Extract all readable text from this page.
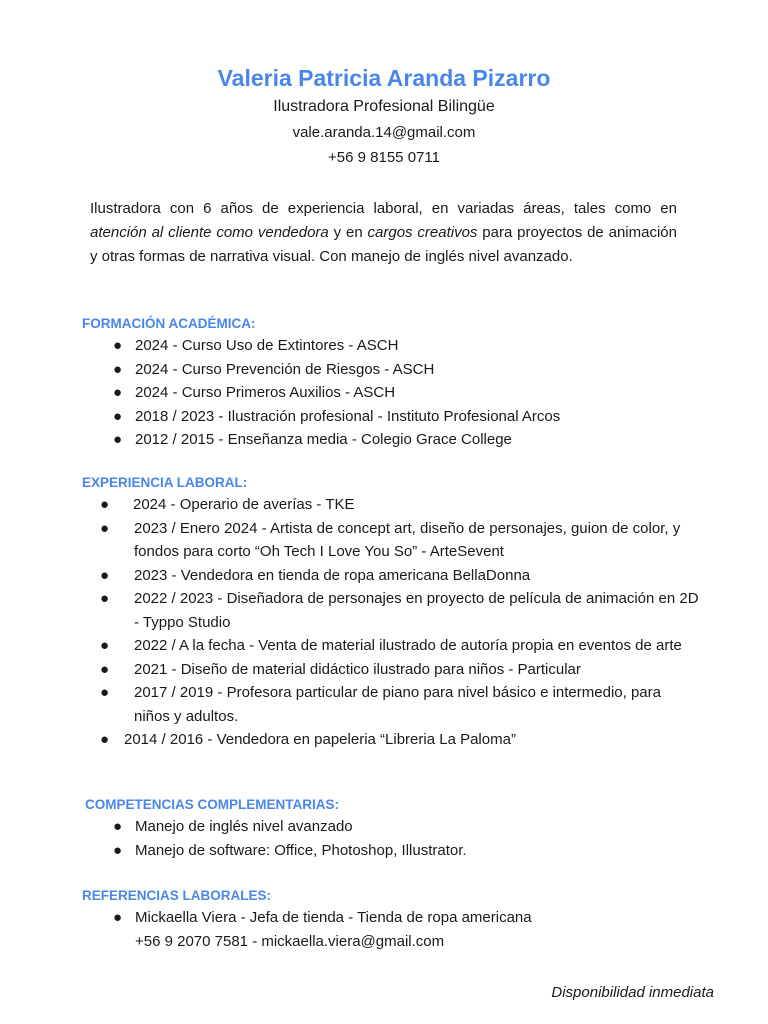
Valeria Patricia Aranda Pizarro

Ilustradora Profesional Bilingüe

vale.aranda.14@gmail.com

+56 9 8155 0711

Ilustradora con 6 años de experiencia laboral, en variadas áreas, tales como en atención al cliente como vendedora y en cargos creativos para proyectos de animación y otras formas de narrativa visual. Con manejo de inglés nivel avanzado.

FORMACIÓN ACADÉMICA:

● 2024 - Curso Uso de Extintores - ASCH
● 2024 - Curso Prevención de Riesgos - ASCH
● 2024 - Curso Primeros Auxilios - ASCH
● 2018 / 2023 - Ilustración profesional - Instituto Profesional Arcos
● 2012 / 2015 - Enseñanza media - Colegio Grace College

EXPERIENCIA LABORAL:

● 2024 - Operario de averías - TKE
● 2023 / Enero 2024 - Artista de concept art, diseño de personajes, guion de color, y fondos para corto “Oh Tech I Love You So” - ArteSevent
● 2023 - Vendedora en tienda de ropa americana BellaDonna
● 2022 / 2023 - Diseñadora de personajes en proyecto de película de animación en 2D - Typpo Studio
● 2022 / A la fecha - Venta de material ilustrado de autoría propia en eventos de arte
● 2021 - Diseño de material didáctico ilustrado para niños - Particular
● 2017 / 2019 - Profesora particular de piano para nivel básico e intermedio, para niños y adultos.
● 2014 / 2016 - Vendedora en papeleria “Libreria La Paloma”

COMPETENCIAS COMPLEMENTARIAS:

● Manejo de inglés nivel avanzado
● Manejo de software: Office, Photoshop, Illustrator.

REFERENCIAS LABORALES:

● Mickaella Viera - Jefa de tienda - Tienda de ropa americana
+56 9 2070 7581 - mickaella.viera@gmail.com
Disponibilidad inmediata
